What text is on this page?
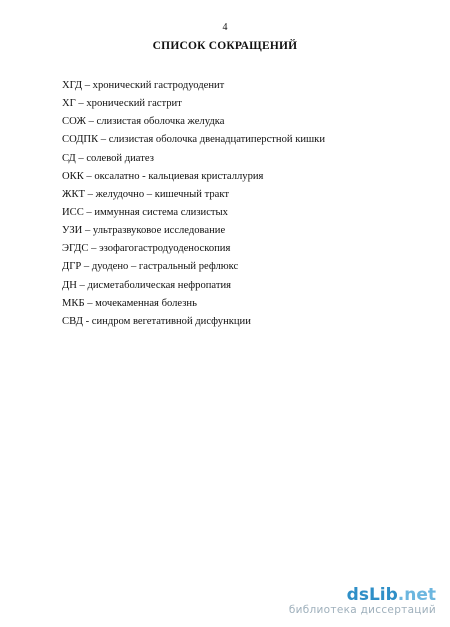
4
СПИСОК СОКРАЩЕНИЙ
ХГД – хронический гастродуоденит
ХГ – хронический гастрит
СОЖ – слизистая оболочка желудка
СОДПК – слизистая оболочка двенадцатиперстной кишки
СД – солевой диатез
ОКК – оксалатно - кальциевая кристаллурия
ЖКТ – желудочно – кишечный тракт
ИСС – иммунная система слизистых
УЗИ – ультразвуковое исследование
ЭГДС – эзофагогастродуоденоскопия
ДГР – дуодено – гастральный рефлюкс
ДН – дисметаболическая нефропатия
МКБ – мочекаменная болезнь
СВД - синдром вегетативной дисфункции
dsLib.net
библиотека диссертаций
